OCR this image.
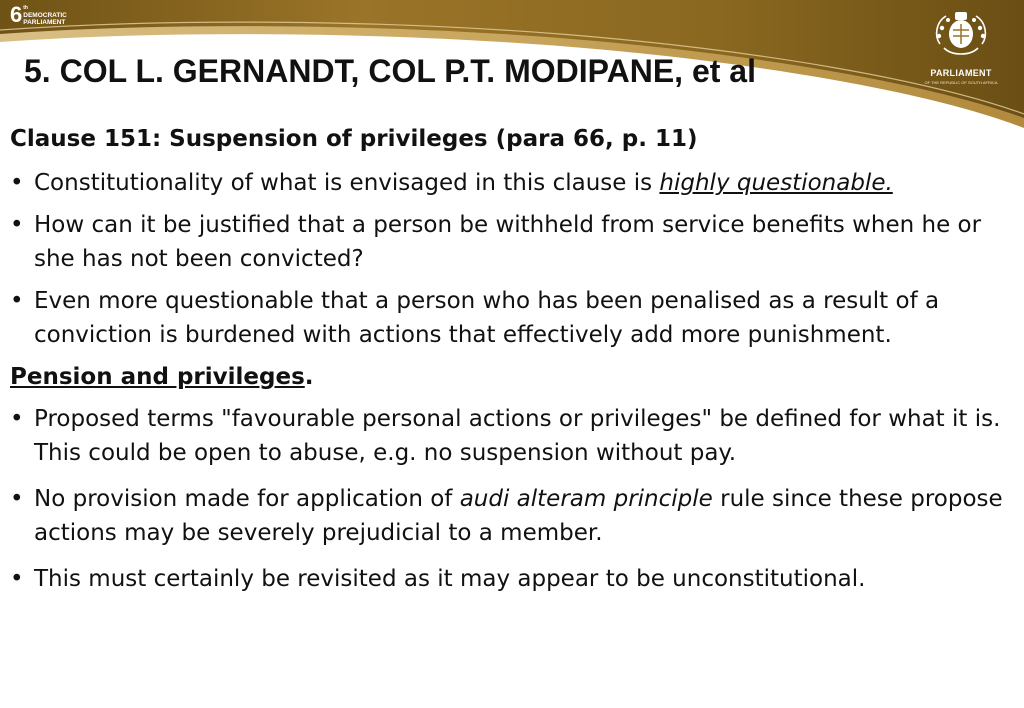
6 th
DEMOCRATIC
PARLIAMENT
PARLIAMENT
OF THE REPUBLIC OF SOUTH AFRICA
5. COL L. GERNANDT, COL P.T. MODIPANE, et al

Clause 151: Suspension of privileges (para 66, p. 11)

• Constitutionality of what is envisaged in this clause is highly questionable.
• How can it be justified that a person be withheld from service benefits when he or she has not been convicted?
• Even more questionable that a person who has been penalised as a result of a conviction is burdened with actions that effectively add more punishment.

Pension and privileges.

• Proposed terms "favourable personal actions or privileges" be defined for what it is. This could be open to abuse, e.g. no suspension without pay.
• No provision made for application of audi alteram principle rule since these propose actions may be severely prejudicial to a member.
• This must certainly be revisited as it may appear to be unconstitutional.
